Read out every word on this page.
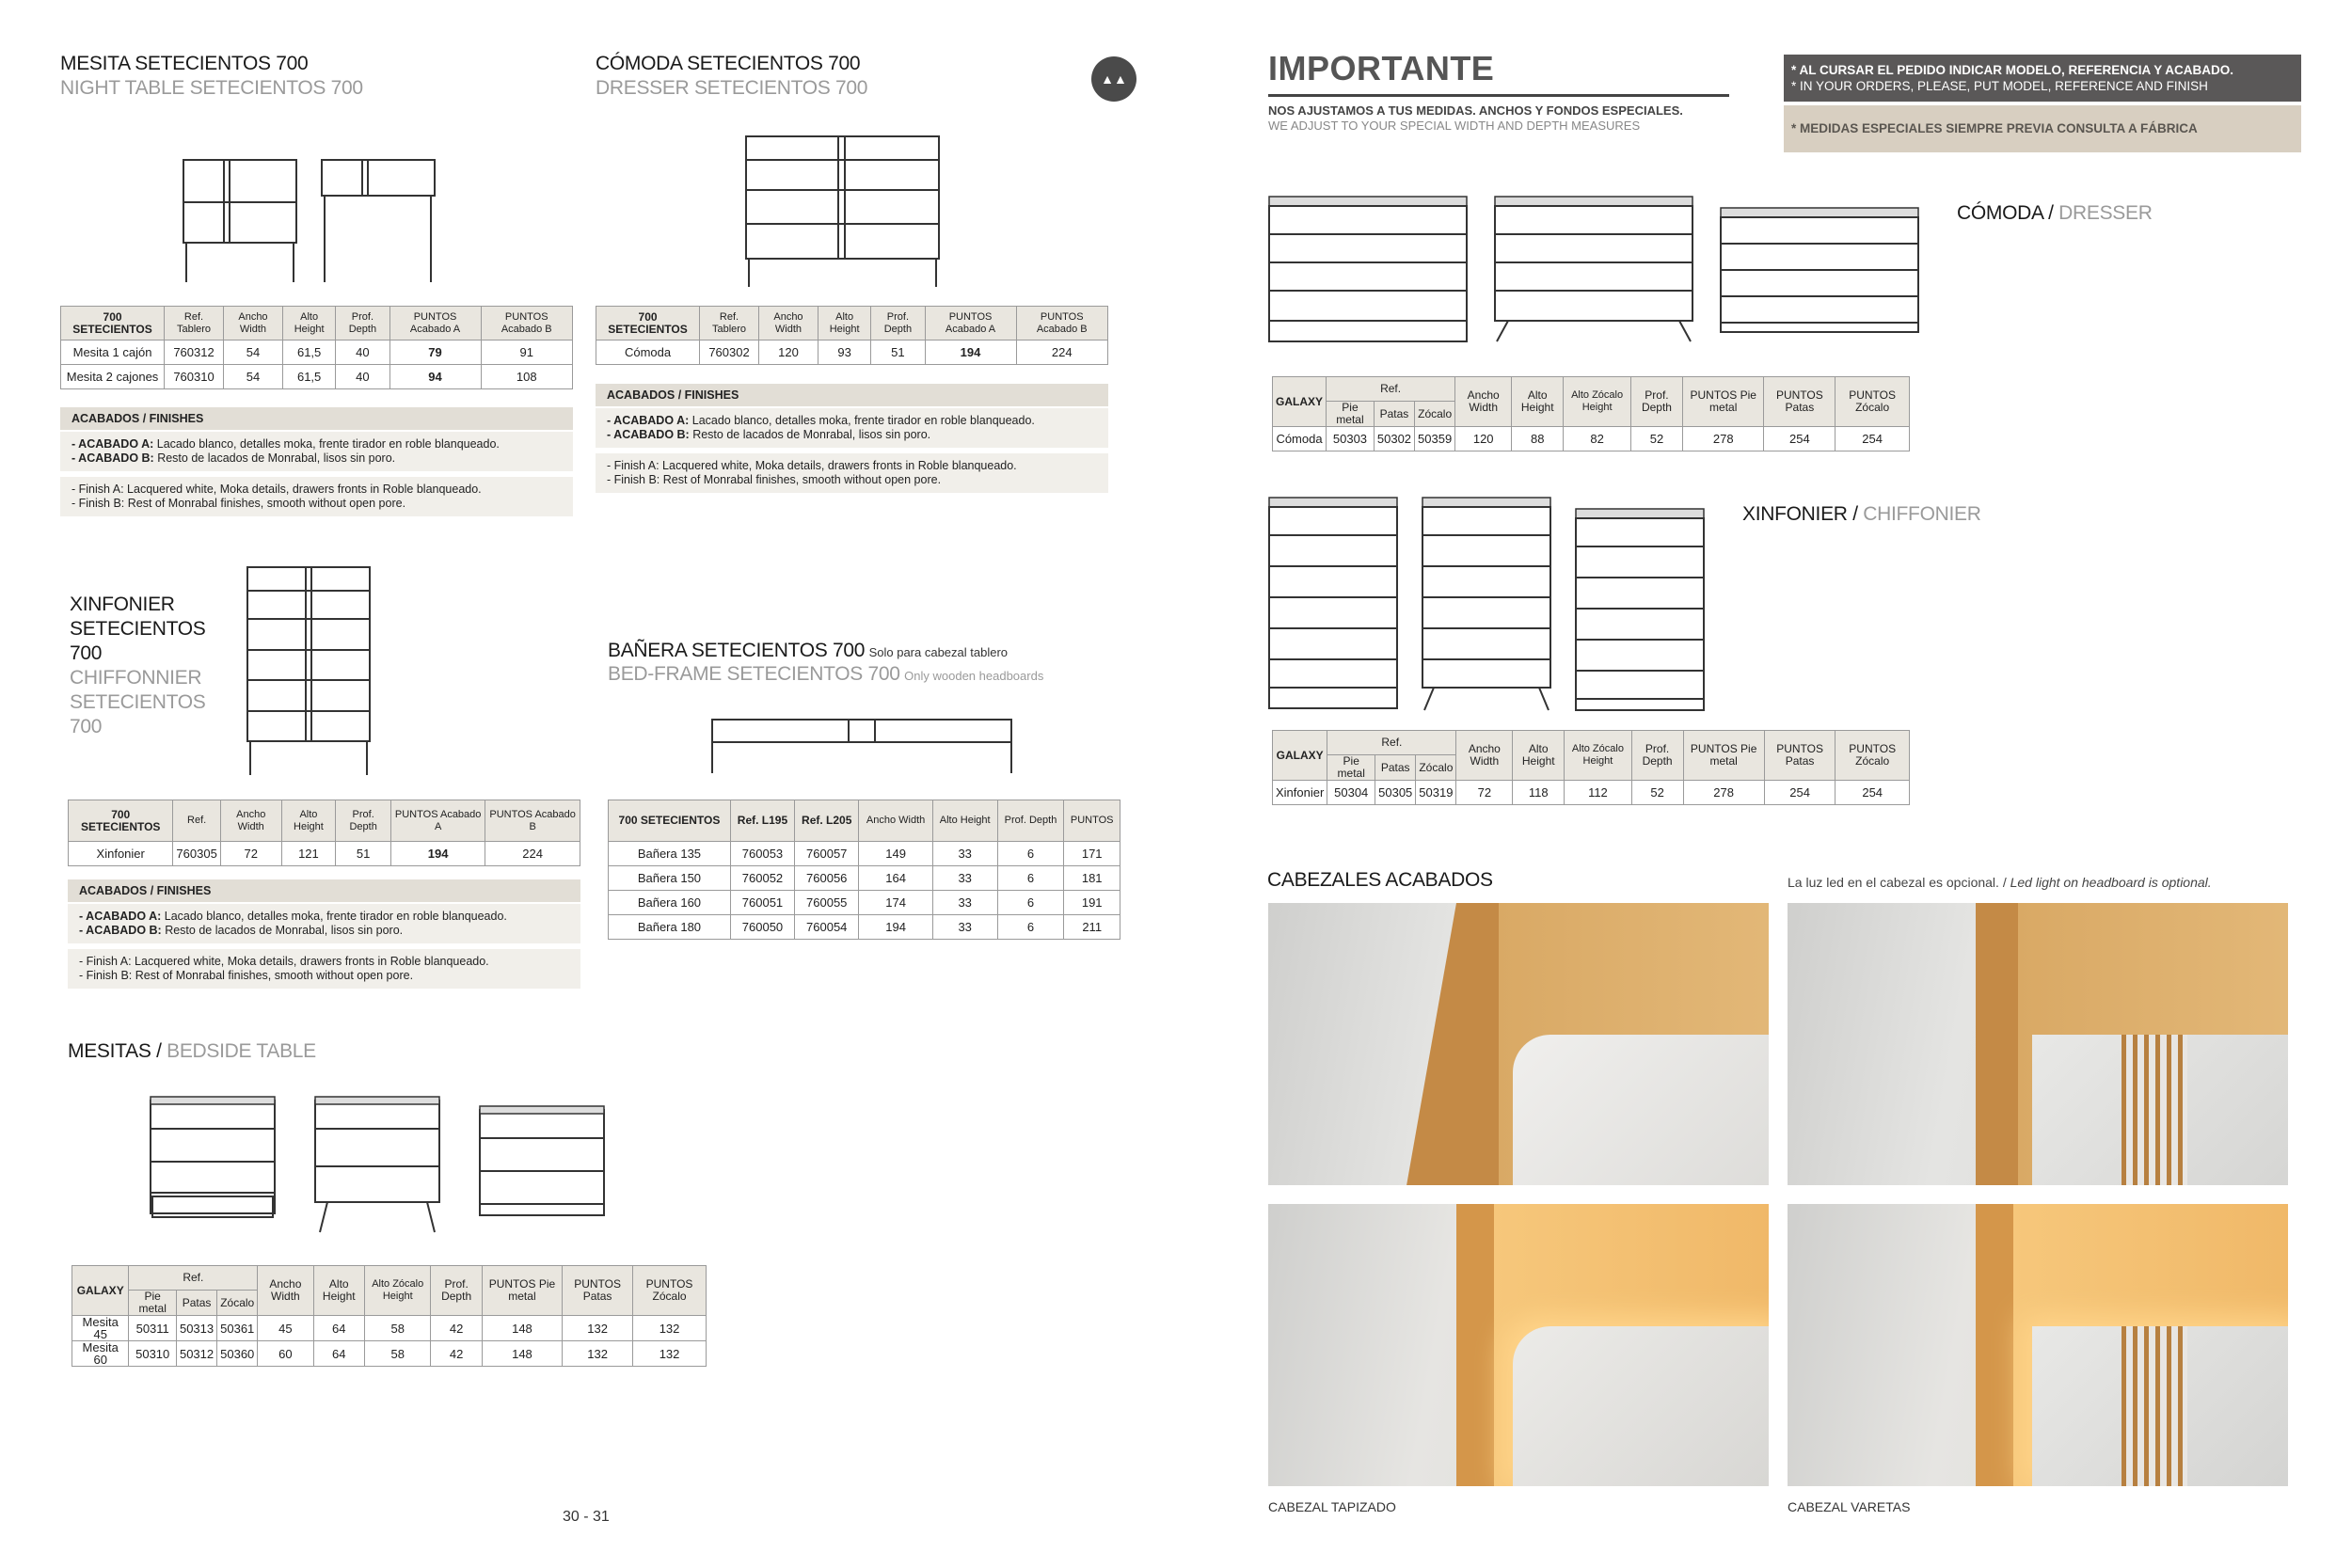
MESITA SETECIENTOS 700
NIGHT TABLE SETECIENTOS 700
700 SETECIENTOS	Ref. Tablero	Ancho Width	Alto Height	Prof. Depth	PUNTOS Acabado A	PUNTOS Acabado B
Mesita 1 cajón	760312	54	61,5	40	79	91
Mesita 2 cajones	760310	54	61,5	40	94	108
ACABADOS / FINISHES
- ACABADO A: Lacado blanco, detalles moka, frente tirador en roble blanqueado.
- ACABADO B: Resto de lacados de Monrabal, lisos sin poro.
- Finish A: Lacquered white, Moka details, drawers fronts in Roble blanqueado.
- Finish B: Rest of Monrabal finishes, smooth without open pore.
CÓMODA SETECIENTOS 700
DRESSER SETECIENTOS 700	▲▲
700 SETECIENTOS	Ref. Tablero	Ancho Width	Alto Height	Prof. Depth	PUNTOS Acabado A	PUNTOS Acabado B
Cómoda	760302	120	93	51	194	224
ACABADOS / FINISHES
- ACABADO A: Lacado blanco, detalles moka, frente tirador en roble blanqueado.
- ACABADO B: Resto de lacados de Monrabal, lisos sin poro.
- Finish A: Lacquered white, Moka details, drawers fronts in Roble blanqueado.
- Finish B: Rest of Monrabal finishes, smooth without open pore.
XINFONIER
SETECIENTOS
700
CHIFFONNIER
SETECIENTOS
700
700 SETECIENTOS	Ref.	Ancho Width	Alto Height	Prof. Depth	PUNTOS Acabado A	PUNTOS Acabado B
Xinfonier	760305	72	121	51	194	224
ACABADOS / FINISHES
- ACABADO A: Lacado blanco, detalles moka, frente tirador en roble blanqueado.
- ACABADO B: Resto de lacados de Monrabal, lisos sin poro.
- Finish A: Lacquered white, Moka details, drawers fronts in Roble blanqueado.
- Finish B: Rest of Monrabal finishes, smooth without open pore.
BAÑERA SETECIENTOS 700 Solo para cabezal tablero
BED-FRAME SETECIENTOS 700 Only wooden headboards
700 SETECIENTOS	Ref. L195	Ref. L205	Ancho Width	Alto Height	Prof. Depth	PUNTOS
Bañera 135	760053	760057	149	33	6	171
Bañera 150	760052	760056	164	33	6	181
Bañera 160	760051	760055	174	33	6	191
Bañera 180	760050	760054	194	33	6	211
MESITAS / BEDSIDE TABLE
GALAXY	Ref.			Ancho Width	Alto Height	Alto Zócalo Height	Prof. Depth	PUNTOS Pie metal	PUNTOS Patas	PUNTOS Zócalo
	Pie metal	Patas	Zócalo							
Mesita 45	50311	50313	50361	45	64	58	42	148	132	132
Mesita 60	50310	50312	50360	60	64	58	42	148	132	132
30 - 31
IMPORTANTE
NOS AJUSTAMOS A TUS MEDIDAS. ANCHOS Y FONDOS ESPECIALES.
WE ADJUST TO YOUR SPECIAL WIDTH AND DEPTH MEASURES
* AL CURSAR EL PEDIDO INDICAR MODELO, REFERENCIA Y ACABADO.
* IN YOUR ORDERS, PLEASE, PUT MODEL, REFERENCE AND FINISH
* MEDIDAS ESPECIALES SIEMPRE PREVIA CONSULTA A FÁBRICA
CÓMODA / DRESSER
GALAXY	Ref.			Ancho Width	Alto Height	Alto Zócalo Height	Prof. Depth	PUNTOS Pie metal	PUNTOS Patas	PUNTOS Zócalo
	Pie metal	Patas	Zócalo							
Cómoda	50303	50302	50359	120	88	82	52	278	254	254
XINFONIER / CHIFFONIER
GALAXY	Ref.			Ancho Width	Alto Height	Alto Zócalo Height	Prof. Depth	PUNTOS Pie metal	PUNTOS Patas	PUNTOS Zócalo
	Pie metal	Patas	Zócalo							
Xinfonier	50304	50305	50319	72	118	112	52	278	254	254
CABEZALES ACABADOS	La luz led en el cabezal es opcional. / Led light on headboard is optional.
CABEZAL TAPIZADO	CABEZAL VARETAS
